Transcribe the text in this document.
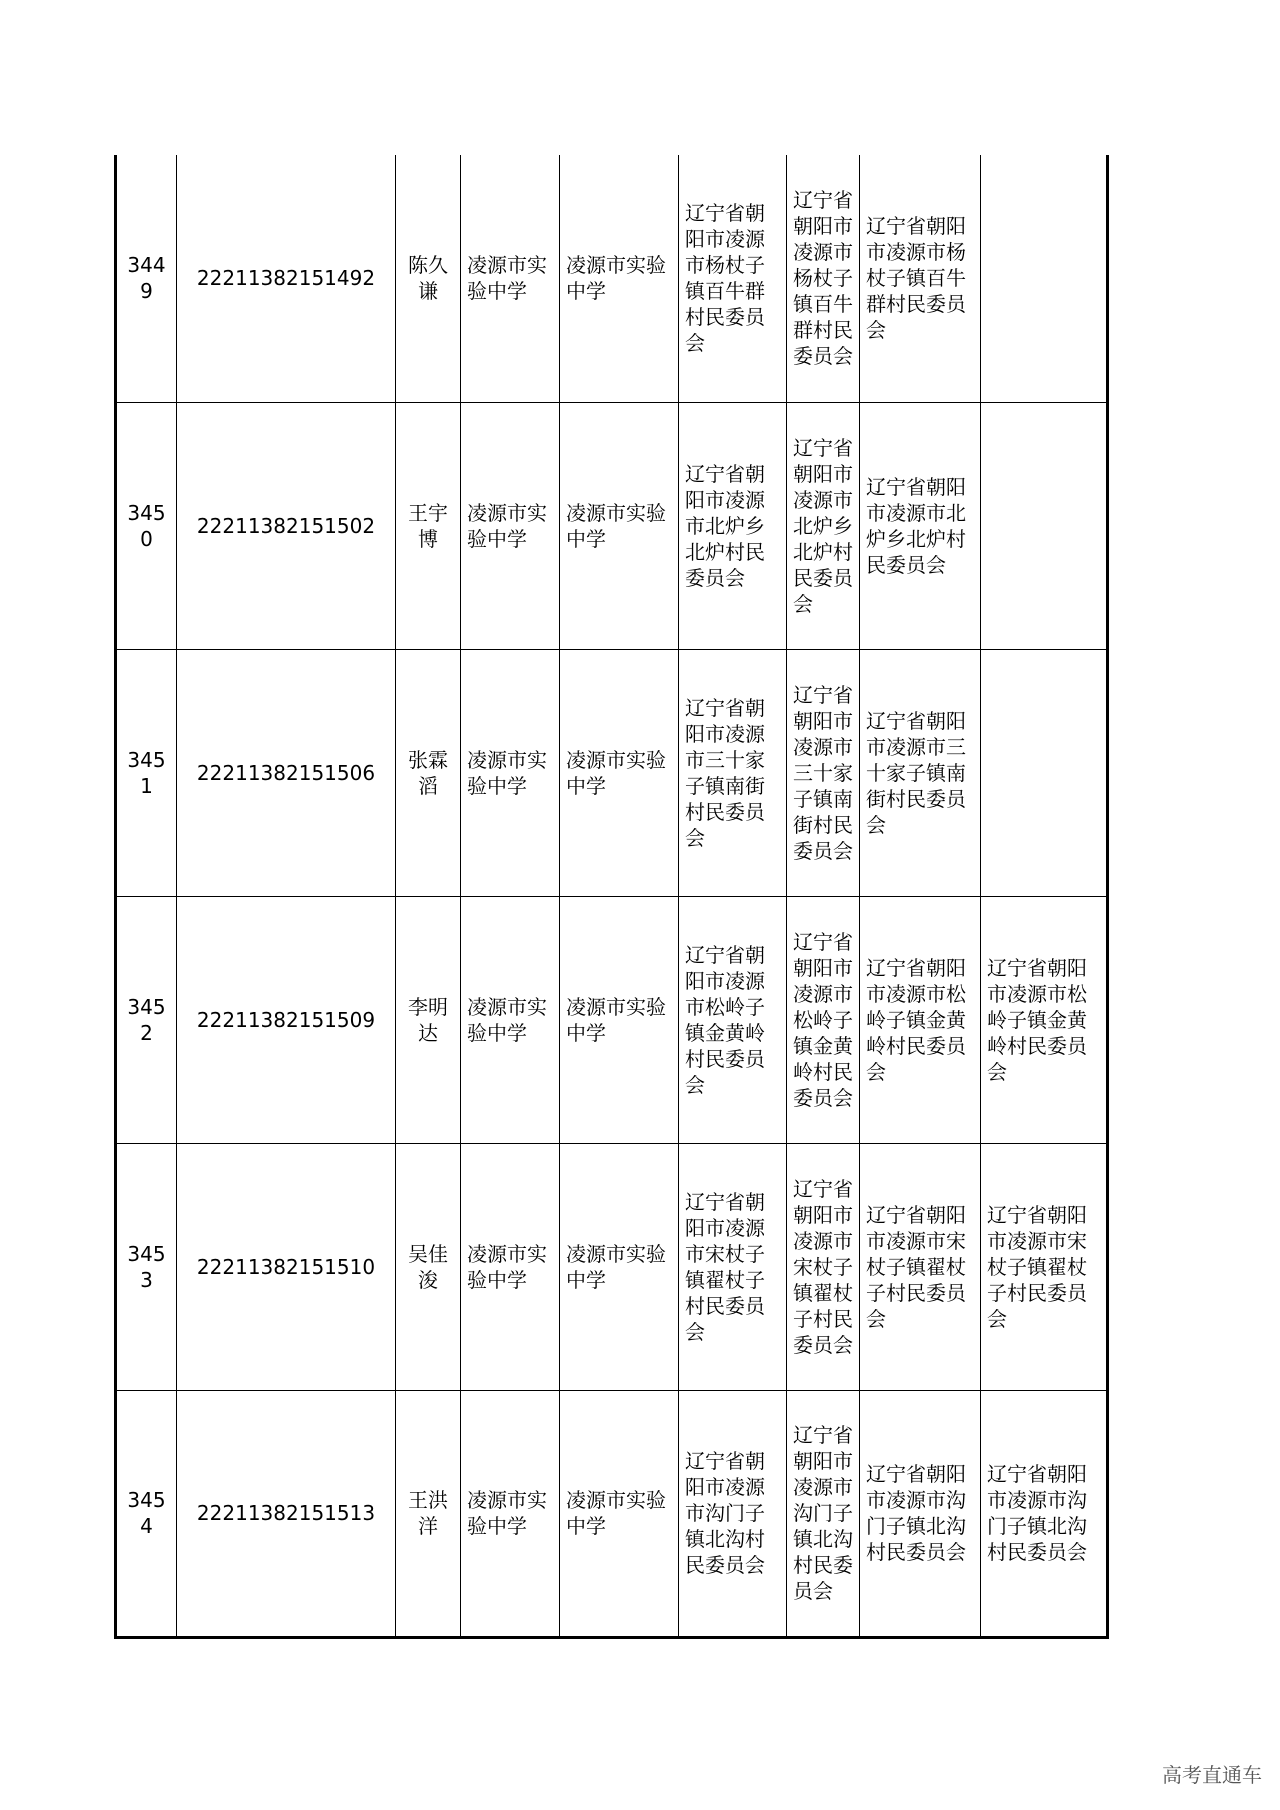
3449	22211382151492	陈久谦	凌源市实验中学	凌源市实验中学	辽宁省朝阳市凌源市杨杖子镇百牛群村民委员会	辽宁省朝阳市凌源市杨杖子镇百牛群村民委员会	辽宁省朝阳市凌源市杨杖子镇百牛群村民委员会	
3450	22211382151502	王宇博	凌源市实验中学	凌源市实验中学	辽宁省朝阳市凌源市北炉乡北炉村民委员会	辽宁省朝阳市凌源市北炉乡北炉村民委员会	辽宁省朝阳市凌源市北炉乡北炉村民委员会	
3451	22211382151506	张霖滔	凌源市实验中学	凌源市实验中学	辽宁省朝阳市凌源市三十家子镇南街村民委员会	辽宁省朝阳市凌源市三十家子镇南街村民委员会	辽宁省朝阳市凌源市三十家子镇南街村民委员会	
3452	22211382151509	李明达	凌源市实验中学	凌源市实验中学	辽宁省朝阳市凌源市松岭子镇金黄岭村民委员会	辽宁省朝阳市凌源市松岭子镇金黄岭村民委员会	辽宁省朝阳市凌源市松岭子镇金黄岭村民委员会	辽宁省朝阳市凌源市松岭子镇金黄岭村民委员会
3453	22211382151510	吴佳浚	凌源市实验中学	凌源市实验中学	辽宁省朝阳市凌源市宋杖子镇翟杖子村民委员会	辽宁省朝阳市凌源市宋杖子镇翟杖子村民委员会	辽宁省朝阳市凌源市宋杖子镇翟杖子村民委员会	辽宁省朝阳市凌源市宋杖子镇翟杖子村民委员会
3454	22211382151513	王洪洋	凌源市实验中学	凌源市实验中学	辽宁省朝阳市凌源市沟门子镇北沟村民委员会	辽宁省朝阳市凌源市沟门子镇北沟村民委员会	辽宁省朝阳市凌源市沟门子镇北沟村民委员会	辽宁省朝阳市凌源市沟门子镇北沟村民委员会
高考直通车
